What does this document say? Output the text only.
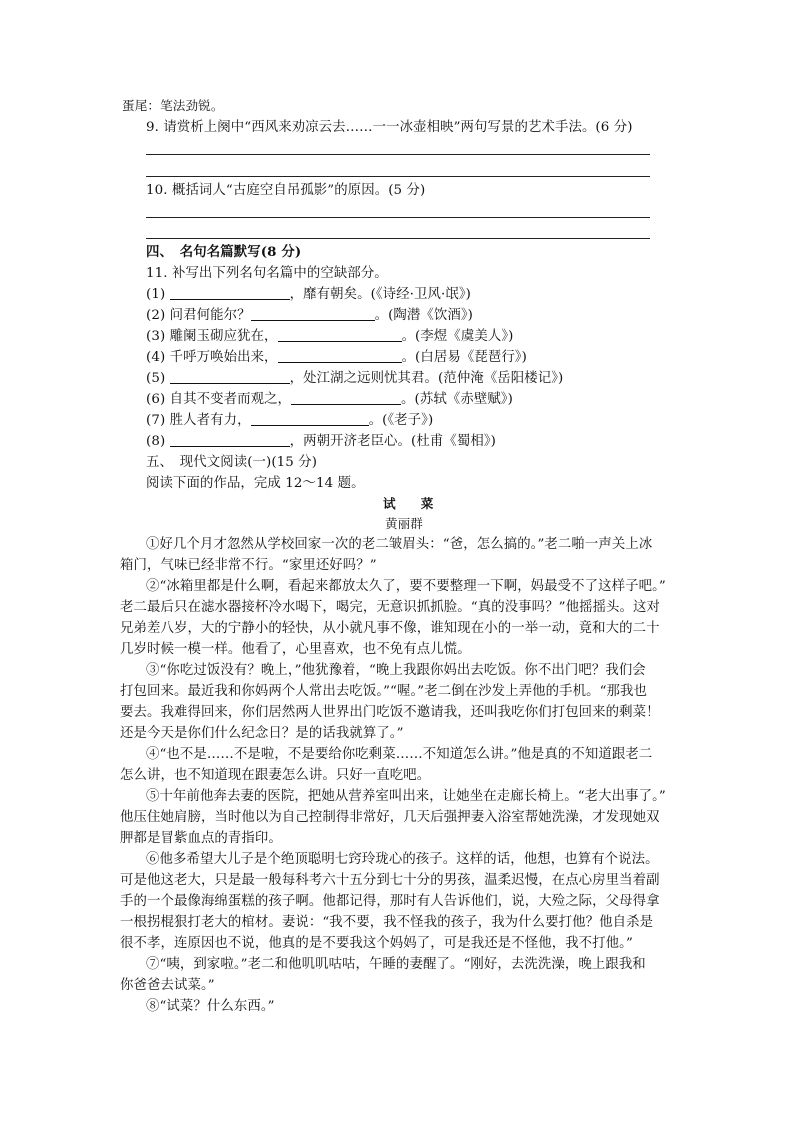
蛋尾：笔法劲锐。
9. 请赏析上阕中“西风来劝凉云去……一一冰壶相映”两句写景的艺术手法。(6 分)
10. 概括词人“古庭空自吊孤影”的原因。(5 分)
四、　名句名篇默写(8 分)
11. 补写出下列名句名篇中的空缺部分。
(1)	，靡有朝矣。(《诗经·卫风·氓》)
(2) 问君何能尔？	。(陶潜《饮酒》)
(3) 雕阑玉砌应犹在，	。(李煜《虞美人》)
(4) 千呼万唤始出来，	。(白居易《琵琶行》)
(5)	，处江湖之远则忧其君。(范仲淹《岳阳楼记》)
(6) 自其不变者而观之，	。(苏轼《赤壁赋》)
(7) 胜人者有力，	。(《老子》)
(8)	，两朝开济老臣心。(杜甫《蜀相》)
五、　现代文阅读(一)(15 分)
阅读下面的作品，完成 12～14 题。
试　　菜
黄丽群
①好几个月才忽然从学校回家一次的老二皱眉头：“爸，怎么搞的。”老二啪一声关上冰
箱门，气味已经非常不行。“家里还好吗？”
②“冰箱里都是什么啊，看起来都放太久了，要不要整理一下啊，妈最受不了这样子吧。”
老二最后只在滤水器接杯冷水喝下，喝完，无意识抓抓脸。“真的没事吗？”他摇摇头。这对
兄弟差八岁，大的宁静小的轻快，从小就凡事不像，谁知现在小的一举一动，竟和大的二十
几岁时候一模一样。他看了，心里喜欢，也不免有点儿慌。
③“你吃过饭没有？晚上，”他犹豫着，“晚上我跟你妈出去吃饭。你不出门吧？我们会
打包回来。最近我和你妈两个人常出去吃饭。”“喔。”老二倒在沙发上弄他的手机。“那我也
要去。我难得回来，你们居然两人世界出门吃饭不邀请我，还叫我吃你们打包回来的剩菜！
还是今天是你们什么纪念日？是的话我就算了。”
④“也不是……不是啦，不是要给你吃剩菜……不知道怎么讲。”他是真的不知道跟老二
怎么讲，也不知道现在跟妻怎么讲。只好一直吃吧。
⑤十年前他奔去妻的医院，把她从营养室叫出来，让她坐在走廊长椅上。“老大出事了。”
他压住她肩膀，当时他以为自己控制得非常好，几天后强押妻入浴室帮她洗澡，才发现她双
胛都是冒紫血点的青指印。
⑥他多希望大儿子是个绝顶聪明七窍玲珑心的孩子。这样的话，他想，也算有个说法。
可是他这老大，只是最一般每科考六十五分到七十分的男孩，温柔迟慢，在点心房里当着副
手的一个最像海绵蛋糕的孩子啊。他都记得，那时有人告诉他们，说，大殓之际，父母得拿
一根拐棍狠打老大的棺材。妻说：“我不要，我不怪我的孩子，我为什么要打他？他自杀是
很不孝，连原因也不说，他真的是不要我这个妈妈了，可是我还是不怪他，我不打他。”
⑦“咦，到家啦。”老二和他叽叽咕咕，午睡的妻醒了。“刚好，去洗洗澡，晚上跟我和
你爸爸去试菜。”
⑧“试菜？什么东西。”
